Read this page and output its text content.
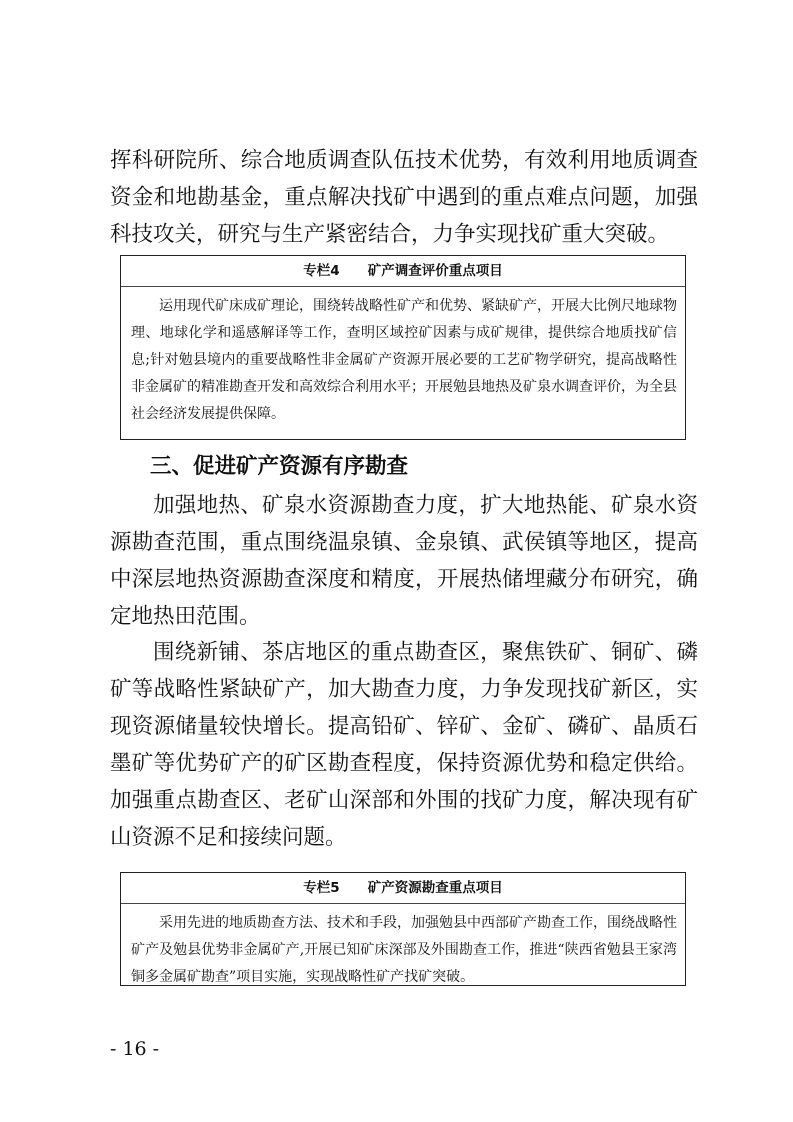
挥科研院所、综合地质调查队伍技术优势，有效利用地质调查资金和地勘基金，重点解决找矿中遇到的重点难点问题，加强科技攻关，研究与生产紧密结合，力争实现找矿重大突破。

专栏4      矿产调查评价重点项目

运用现代矿床成矿理论，围绕转战略性矿产和优势、紧缺矿产，开展大比例尺地球物理、地球化学和遥感解译等工作，查明区域控矿因素与成矿规律，提供综合地质找矿信息;针对勉县境内的重要战略性非金属矿产资源开展必要的工艺矿物学研究，提高战略性非金属矿的精准勘查开发和高效综合利用水平；开展勉县地热及矿泉水调查评价，为全县社会经济发展提供保障。

三、促进矿产资源有序勘查

加强地热、矿泉水资源勘查力度，扩大地热能、矿泉水资源勘查范围，重点围绕温泉镇、金泉镇、武侯镇等地区，提高中深层地热资源勘查深度和精度，开展热储埋藏分布研究，确定地热田范围。

围绕新铺、茶店地区的重点勘查区，聚焦铁矿、铜矿、磷矿等战略性紧缺矿产，加大勘查力度，力争发现找矿新区，实现资源储量较快增长。提高铅矿、锌矿、金矿、磷矿、晶质石墨矿等优势矿产的矿区勘查程度，保持资源优势和稳定供给。加强重点勘查区、老矿山深部和外围的找矿力度，解决现有矿山资源不足和接续问题。

专栏5      矿产资源勘查重点项目

采用先进的地质勘查方法、技术和手段，加强勉县中西部矿产勘查工作，围绕战略性矿产及勉县优势非金属矿产,开展已知矿床深部及外围勘查工作，推进“陕西省勉县王家湾铜多金属矿勘查”项目实施，实现战略性矿产找矿突破。

- 16 -
